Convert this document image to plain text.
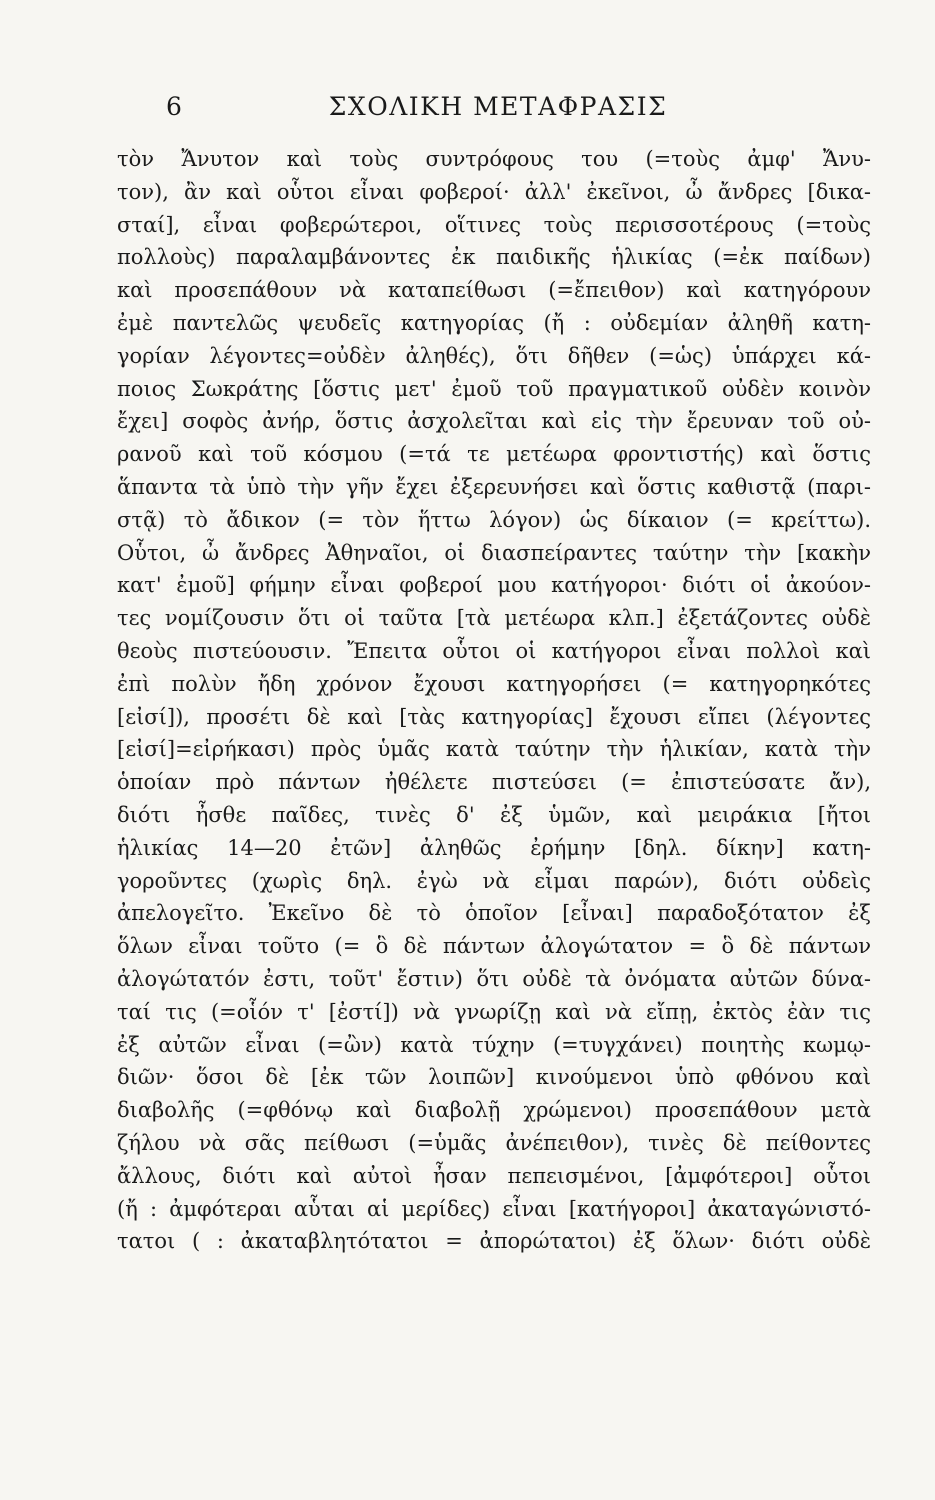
6	ΣΧΟΛΙΚΗ ΜΕΤΑΦΡΑΣΙΣ
τὸν Ἄνυτον καὶ τοὺς συντρόφους του (=τοὺς ἀμφ' Ἄνυ-
τον), ἂν καὶ οὗτοι εἶναι φοβεροί· ἀλλ' ἐκεῖνοι, ὦ ἄνδρες [δικα-
σταί], εἶναι φοβερώτεροι, οἵτινες τοὺς περισσοτέρους (=τοὺς
πολλοὺς) παραλαμβάνοντες ἐκ παιδικῆς ἡλικίας (=ἐκ παίδων)
καὶ προσεπάθουν νὰ καταπείθωσι (=ἔπειθον) καὶ κατηγόρουν
ἐμὲ παντελῶς ψευδεῖς κατηγορίας (ἤ : οὐδεμίαν ἀληθῆ κατη-
γορίαν λέγοντες=οὐδὲν ἀληθές), ὅτι δῆθεν (=ὡς) ὑπάρχει κά-
ποιος Σωκράτης [ὅστις μετ' ἐμοῦ τοῦ πραγματικοῦ οὐδὲν κοινὸν
ἔχει] σοφὸς ἀνήρ, ὅστις ἀσχολεῖται καὶ εἰς τὴν ἔρευναν τοῦ οὐ-
ρανοῦ καὶ τοῦ κόσμου (=τά τε μετέωρα φροντιστής) καὶ ὅστις
ἅπαντα τὰ ὑπὸ τὴν γῆν ἔχει ἐξερευνήσει καὶ ὅστις καθιστᾷ (παρι-
στᾷ) τὸ ἄδικον (= τὸν ἥττω λόγον) ὡς δίκαιον (= κρείττω).
Οὗτοι, ὦ ἄνδρες Ἀθηναῖοι, οἱ διασπείραντες ταύτην τὴν [κακὴν
κατ' ἐμοῦ] φήμην εἶναι φοβεροί μου κατήγοροι· διότι οἱ ἀκούον-
τες νομίζουσιν ὅτι οἱ ταῦτα [τὰ μετέωρα κλπ.] ἐξετάζοντες οὐδὲ
θεοὺς πιστεύουσιν. Ἔπειτα οὗτοι οἱ κατήγοροι εἶναι πολλοὶ καὶ
ἐπὶ πολὺν ἤδη χρόνον ἔχουσι κατηγορήσει (= κατηγορηκότες
[εἰσί]), προσέτι δὲ καὶ [τὰς κατηγορίας] ἔχουσι εἴπει (λέγοντες
[εἰσί]=εἰρήκασι) πρὸς ὑμᾶς κατὰ ταύτην τὴν ἡλικίαν, κατὰ τὴν
ὁποίαν πρὸ πάντων ἠθέλετε πιστεύσει (= ἐπιστεύσατε ἄν),
διότι ἦσθε παῖδες, τινὲς δ' ἐξ ὑμῶν, καὶ μειράκια [ἤτοι
ἡλικίας 14—20 ἐτῶν] ἀληθῶς ἐρήμην [δηλ. δίκην] κατη-
γοροῦντες (χωρὶς δηλ. ἐγὼ νὰ εἶμαι παρών), διότι οὐδεὶς
ἀπελογεῖτο. Ἐκεῖνο δὲ τὸ ὁποῖον [εἶναι] παραδοξότατον ἐξ
ὅλων εἶναι τοῦτο (= ὃ δὲ πάντων ἀλογώτατον = ὃ δὲ πάντων
ἀλογώτατόν ἐστι, τοῦτ' ἔστιν) ὅτι οὐδὲ τὰ ὀνόματα αὐτῶν δύνα-
ταί τις (=οἷόν τ' [ἐστί]) νὰ γνωρίζῃ καὶ νὰ εἴπῃ, ἐκτὸς ἐὰν τις
ἐξ αὐτῶν εἶναι (=ὢν) κατὰ τύχην (=τυγχάνει) ποιητὴς κωμῳ-
διῶν· ὅσοι δὲ [ἐκ τῶν λοιπῶν] κινούμενοι ὑπὸ φθόνου καὶ
διαβολῆς (=φθόνῳ καὶ διαβολῇ χρώμενοι) προσεπάθουν μετὰ
ζήλου νὰ σᾶς πείθωσι (=ὑμᾶς ἀνέπειθον), τινὲς δὲ πείθοντες
ἄλλους, διότι καὶ αὐτοὶ ἦσαν πεπεισμένοι, [ἀμφότεροι] οὗτοι
(ἤ : ἀμφότεραι αὗται αἱ μερίδες) εἶναι [κατήγοροι] ἀκαταγώνιστό-
τατοι ( : ἀκαταβλητότατοι = ἀπορώτατοι) ἐξ ὅλων· διότι οὐδὲ
